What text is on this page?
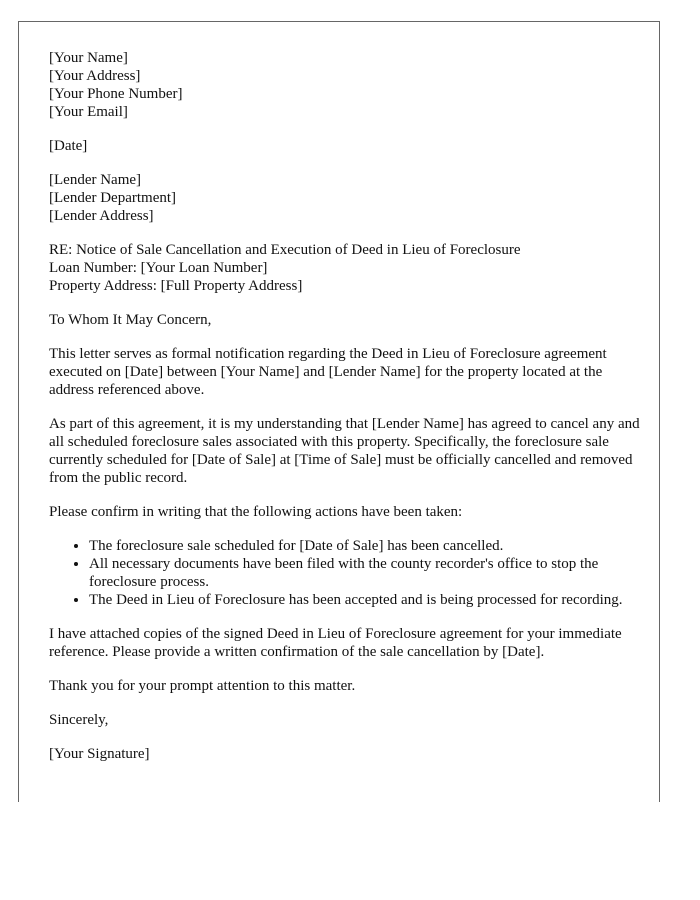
[Your Name]
[Your Address]
[Your Phone Number]
[Your Email]
[Date]
[Lender Name]
[Lender Department]
[Lender Address]
RE: Notice of Sale Cancellation and Execution of Deed in Lieu of Foreclosure
Loan Number: [Your Loan Number]
Property Address: [Full Property Address]

To Whom It May Concern,

This letter serves as formal notification regarding the Deed in Lieu of Foreclosure agreement executed on [Date] between [Your Name] and [Lender Name] for the property located at the address referenced above.

As part of this agreement, it is my understanding that [Lender Name] has agreed to cancel any and all scheduled foreclosure sales associated with this property. Specifically, the foreclosure sale currently scheduled for [Date of Sale] at [Time of Sale] must be officially cancelled and removed from the public record.

Please confirm in writing that the following actions have been taken:

• The foreclosure sale scheduled for [Date of Sale] has been cancelled.
• All necessary documents have been filed with the county recorder's office to stop the foreclosure process.
• The Deed in Lieu of Foreclosure has been accepted and is being processed for recording.

I have attached copies of the signed Deed in Lieu of Foreclosure agreement for your immediate reference. Please provide a written confirmation of the sale cancellation by [Date].

Thank you for your prompt attention to this matter.

Sincerely,

[Your Signature]
